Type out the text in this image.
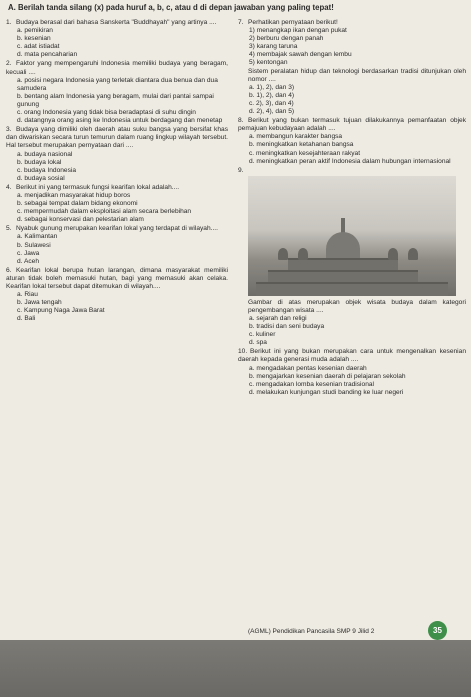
A. Berilah tanda silang (x) pada huruf a, b, c, atau d di depan jawaban yang paling tepat!
1. Budaya berasal dari bahasa Sanskerta "Buddhayah" yang artinya ....
a. pemikiran
b. kesenian
c. adat istiadat
d. mata pencaharian
2. Faktor yang mempengaruhi Indonesia memiliki budaya yang beragam, kecuali ....
a. posisi negara Indonesia yang terletak diantara dua benua dan dua samudera
b. bentang alam Indonesia yang beragam, mulai dari pantai sampai gunung
c. orang Indonesia yang tidak bisa beradaptasi di suhu dingin
d. datangnya orang asing ke Indonesia untuk berdagang dan menetap
3. Budaya yang dimiliki oleh daerah atau suku bangsa yang bersifat khas dan diwariskan secara turun temurun dalam ruang lingkup wilayah tersebut. Hal tersebut merupakan pernyataan dari ....
a. budaya nasional
b. budaya lokal
c. budaya Indonesia
d. budaya sosial
4. Berikut ini yang termasuk fungsi kearifan lokal adalah....
a. menjadikan masyarakat hidup boros
b. sebagai tempat dalam bidang ekonomi
c. mempermudah dalam eksploitasi alam secara berlebihan
d. sebagai konservasi dan pelestarian alam
5. Nyabuk gunung merupakan kearifan lokal yang terdapat di wilayah....
a. Kalimantan
b. Sulawesi
c. Jawa
d. Aceh
6. Kearifan lokal berupa hutan larangan, dimana masyarakat memiliki aturan tidak boleh memasuki hutan, bagi yang memasuki akan celaka. Kearifan lokal tersebut dapat ditemukan di wilayah....
a. Riau
b. Jawa tengah
c. Kampung Naga Jawa Barat
d. Bali
7. Perhatikan pernyataan berikut!
1) menangkap ikan dengan pukat
2) berburu dengan panah
3) karang taruna
4) membajak sawah dengan lembu
5) kentongan
Sistem peralatan hidup dan teknologi berdasarkan tradisi ditunjukan oleh nomor ....
a. 1), 2), dan 3)
b. 1), 2), dan 4)
c. 2), 3), dan 4)
d. 2), 4), dan 5)
8. Berikut yang bukan termasuk tujuan dilakukannya pemanfaatan objek pemajuan kebudayaan adalah ....
a. membangun karakter bangsa
b. meningkatkan ketahanan bangsa
c. meningkatkan kesejahteraan rakyat
d. meningkatkan peran aktif Indonesia dalam hubungan internasional
9.
Gambar di atas merupakan objek wisata budaya dalam kategori pengembangan wisata ....
a. sejarah dan religi
b. tradisi dan seni budaya
c. kuliner
d. spa
10. Berikut ini yang bukan merupakan cara untuk mengenalkan kesenian daerah kepada generasi muda adalah ....
a. mengadakan pentas kesenian daerah
b. mengajarkan kesenian daerah di pelajaran sekolah
c. mengadakan lomba kesenian tradisional
d. melakukan kunjungan studi banding ke luar negeri
(AGML) Pendidikan Pancasila SMP 9 Jilid 2	35
